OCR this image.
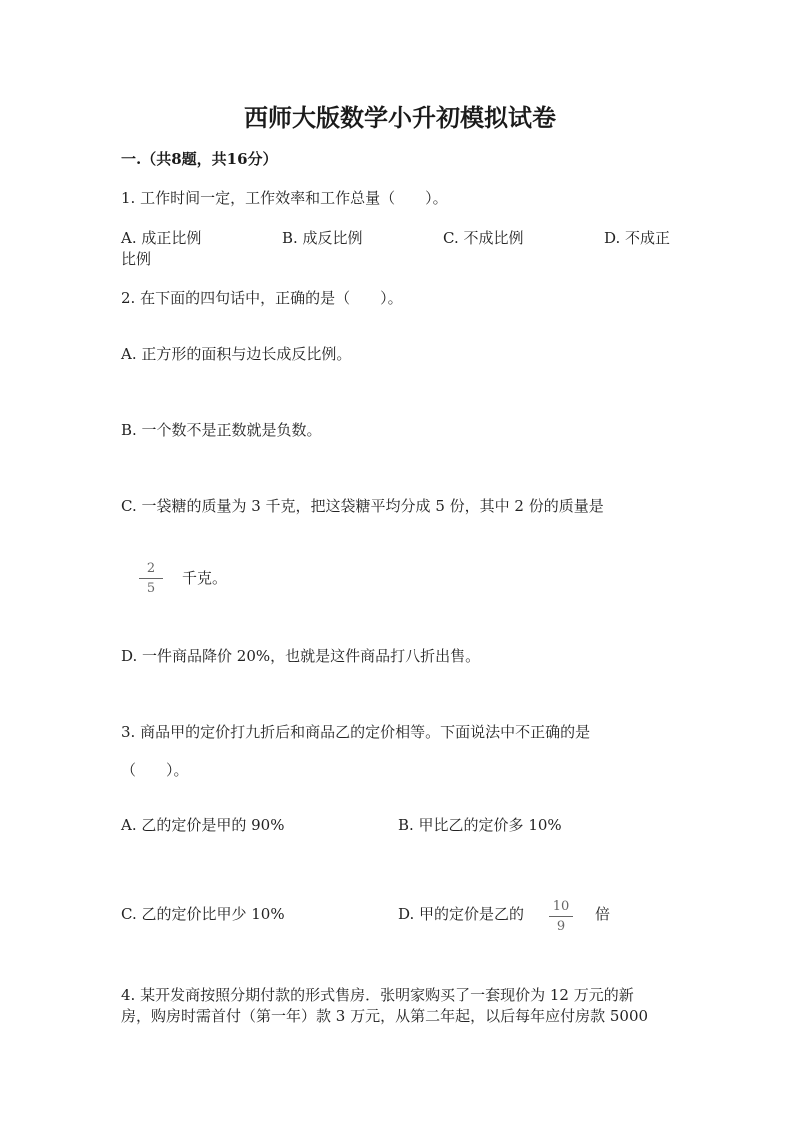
西师大版数学小升初模拟试卷
一.（共8题，共16分）
1. 工作时间一定，工作效率和工作总量（　　）。
A. 成正比例	B. 成反比例	C. 不成比例	D. 不成正
比例
2. 在下面的四句话中，正确的是（　　）。
A. 正方形的面积与边长成反比例。
B. 一个数不是正数就是负数。
C. 一袋糖的质量为 3 千克，把这袋糖平均分成 5 份，其中 2 份的质量是
2
5
千克。
D. 一件商品降价 20%，也就是这件商品打八折出售。
3. 商品甲的定价打九折后和商品乙的定价相等。下面说法中不正确的是
（　　）。
A. 乙的定价是甲的 90%	B. 甲比乙的定价多 10%
C. 乙的定价比甲少 10%	D. 甲的定价是乙的 10
9
倍
4. 某开发商按照分期付款的形式售房．张明家购买了一套现价为 12 万元的新
房，购房时需首付（第一年）款 3 万元，从第二年起，以后每年应付房款 5000
